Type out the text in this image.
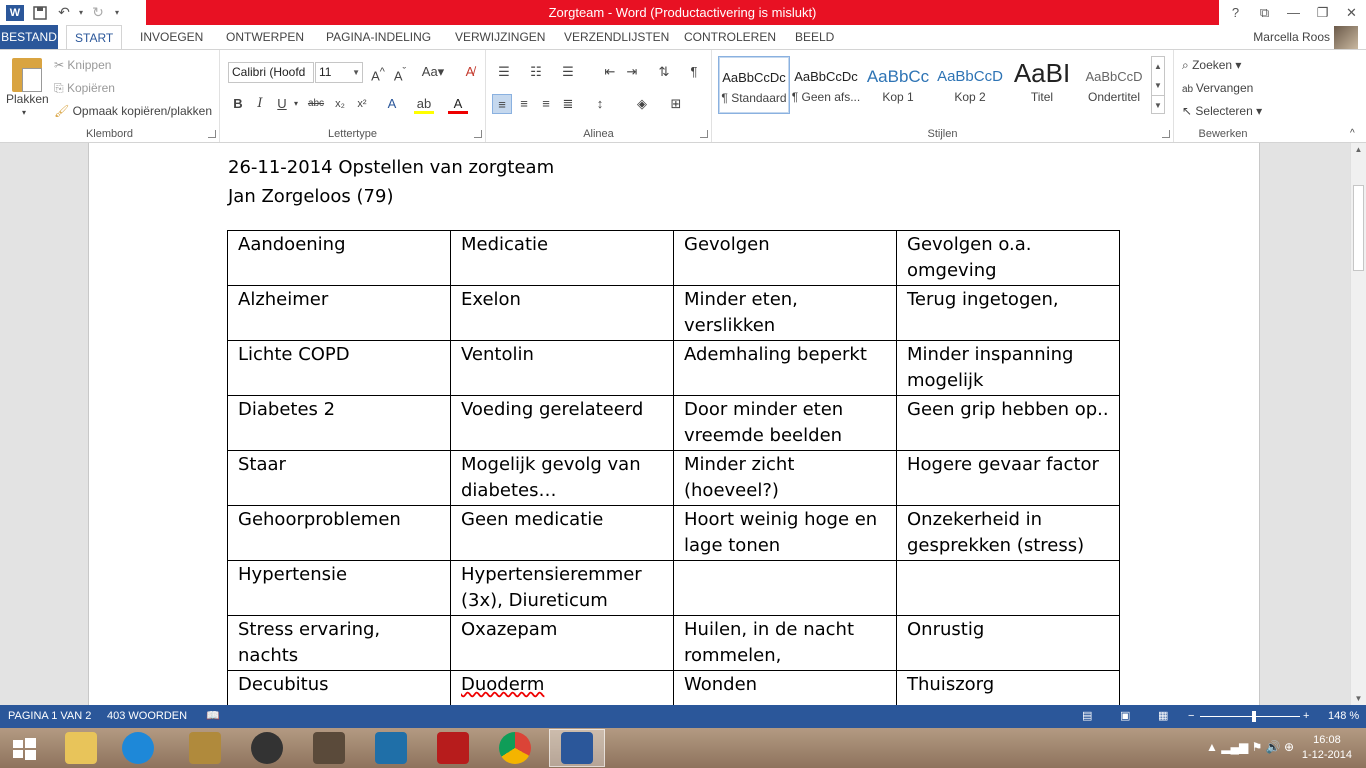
W	↶	▾ ↻	▾	Zorgteam - Word (Productactivering is mislukt)	?	⧉	—	❐	✕
BESTAND	START	INVOEGEN	ONTWERPEN	PAGINA-INDELING	VERWIJZINGEN	VERZENDLIJSTEN	CONTROLEREN	BEELD	Marcella Roos
Plakken
▾
✂ Knippen
⎘ Kopiëren
🖌 Opmaak kopiëren/plakken
Klembord
Calibri (Hoofd	11	▼ A^ $A^ˇ$ Aa▾	A̸
B	I	U ▾ abc	x₂	x²	A	ab	A
Lettertype
☰	☷	☰	⇤ ⇥	⇅	¶
≡	≡	≡ ≣	↕	◈	⊞
Alinea	Stijlen
AaBbCcDc
¶ Standaard
AaBbCcDc
¶ Geen afs...
AaBbCc
Kop 1
AaBbCcD
Kop 2
AaBI
Titel
AaBbCcD
Ondertitel
▲
▼
▼
⌕ Zoeken ▾
ab Vervangen
↖ Selecteren ▾
Bewerken	^
26-11-2014 Opstellen van zorgteam
Jan Zorgeloos (79)
Aandoening	Medicatie	Gevolgen	Gevolgen o.a. omgeving
Alzheimer	Exelon	Minder eten, verslikken	Terug ingetogen,
Lichte COPD	Ventolin	Ademhaling beperkt	Minder inspanning mogelijk
Diabetes 2	Voeding gerelateerd	Door minder eten vreemde beelden	Geen grip hebben op..
Staar	Mogelijk gevolg van diabetes…	Minder zicht (hoeveel?)	Hogere gevaar factor
Gehoorproblemen	Geen medicatie	Hoort weinig hoge en lage tonen	Onzekerheid in gesprekken (stress)
Hypertensie	Hypertensieremmer (3x), Diureticum		
Stress ervaring, nachts	Oxazepam	Huilen, in de nacht rommelen,	Onrustig
Decubitus	Duoderm	Wonden	Thuiszorg
▲
▼
PAGINA 1 VAN 2 403 WOORDEN 📖	▤	▣	▦ −	+ 148 %
▲ ▂▄▆ ⚑ 🔊 ⊕	16:08
1-12-2014
